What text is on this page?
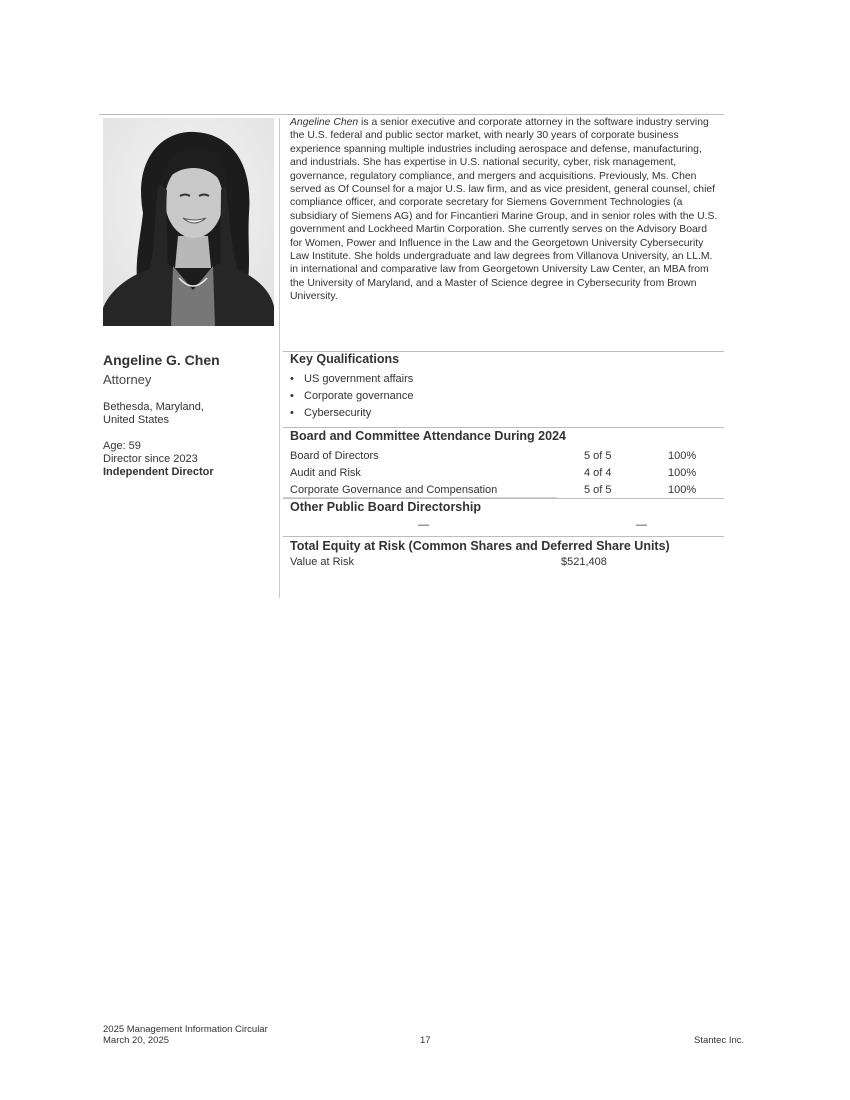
Angeline Chen is a senior executive and corporate attorney in the software industry serving the U.S. federal and public sector market, with nearly 30 years of corporate business experience spanning multiple industries including aerospace and defense, manufacturing, and industrials. She has expertise in U.S. national security, cyber, risk management, governance, regulatory compliance, and mergers and acquisitions. Previously, Ms. Chen served as Of Counsel for a major U.S. law firm, and as vice president, general counsel, chief compliance officer, and corporate secretary for Siemens Government Technologies (a subsidiary of Siemens AG) and for Fincantieri Marine Group, and in senior roles with the U.S. government and Lockheed Martin Corporation. She currently serves on the Advisory Board for Women, Power and Influence in the Law and the Georgetown University Cybersecurity Law Institute. She holds undergraduate and law degrees from Villanova University, an LL.M. in international and comparative law from Georgetown University Law Center, an MBA from the University of Maryland, and a Master of Science degree in Cybersecurity from Brown University.

Angeline G. Chen
Attorney
Bethesda, Maryland,
United States
Age: 59
Director since 2023
Independent Director
Key Qualifications
• US government affairs
• Corporate governance
• Cybersecurity
Board and Committee Attendance During 2024
Board of Directors	5 of 5	100%
Audit and Risk	4 of 4	100%
Corporate Governance and Compensation	5 of 5	100%
Other Public Board Directorship
—	—
Total Equity at Risk (Common Shares and Deferred Share Units)
Value at Risk	$521,408
2025 Management Information Circular
March 20, 2025	17	Stantec Inc.
